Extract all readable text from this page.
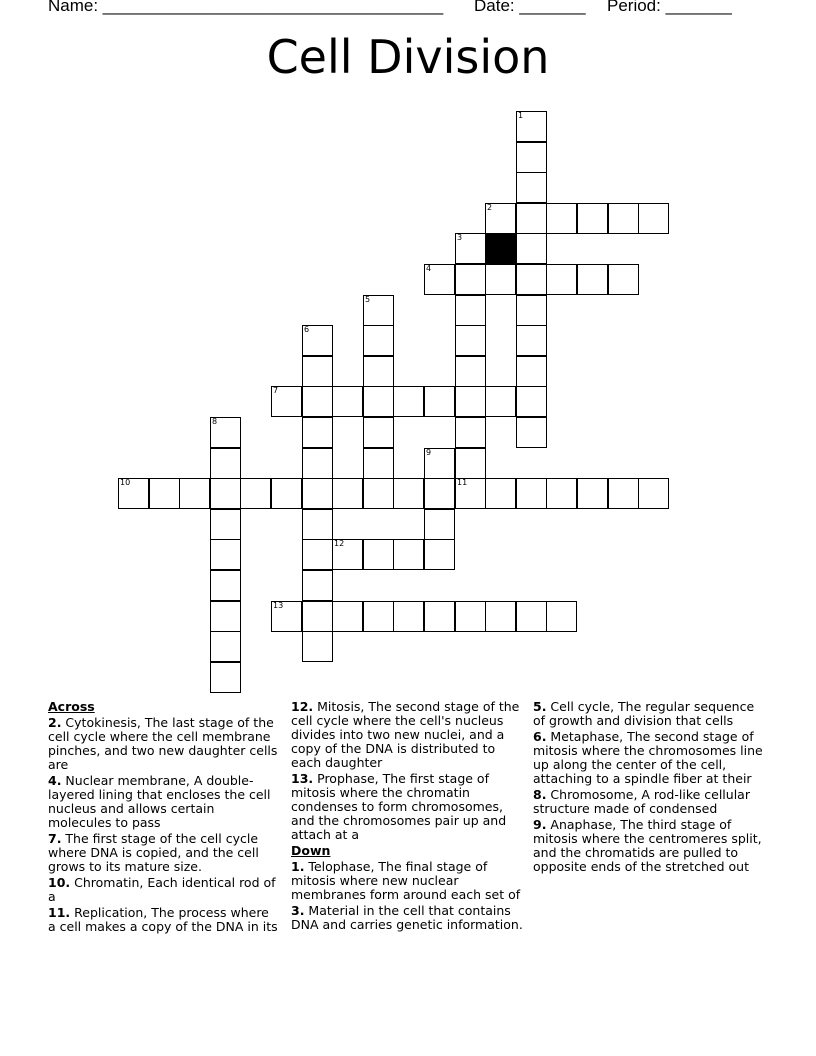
Name: ____________________________________ Date: _______ Period: _______
Cell Division
1
2
3
4
5
6
7
8
9
10	11
12
13
Across
2. Cytokinesis, The last stage of the cell cycle where the cell membrane pinches, and two new daughter cells are
4. Nuclear membrane, A double-layered lining that encloses the cell nucleus and allows certain molecules to pass
7. The first stage of the cell cycle where DNA is copied, and the cell grows to its mature size.
10. Chromatin, Each identical rod of a
11. Replication, The process where a cell makes a copy of the DNA in its
12. Mitosis, The second stage of the cell cycle where the cell's nucleus divides into two new nuclei, and a copy of the DNA is distributed to each daughter
13. Prophase, The first stage of mitosis where the chromatin condenses to form chromosomes, and the chromosomes pair up and attach at a
Down
1. Telophase, The final stage of mitosis where new nuclear membranes form around each set of
3. Material in the cell that contains DNA and carries genetic information.
5. Cell cycle, The regular sequence of growth and division that cells
6. Metaphase, The second stage of mitosis where the chromosomes line up along the center of the cell, attaching to a spindle fiber at their
8. Chromosome, A rod-like cellular structure made of condensed
9. Anaphase, The third stage of mitosis where the centromeres split, and the chromatids are pulled to opposite ends of the stretched out
